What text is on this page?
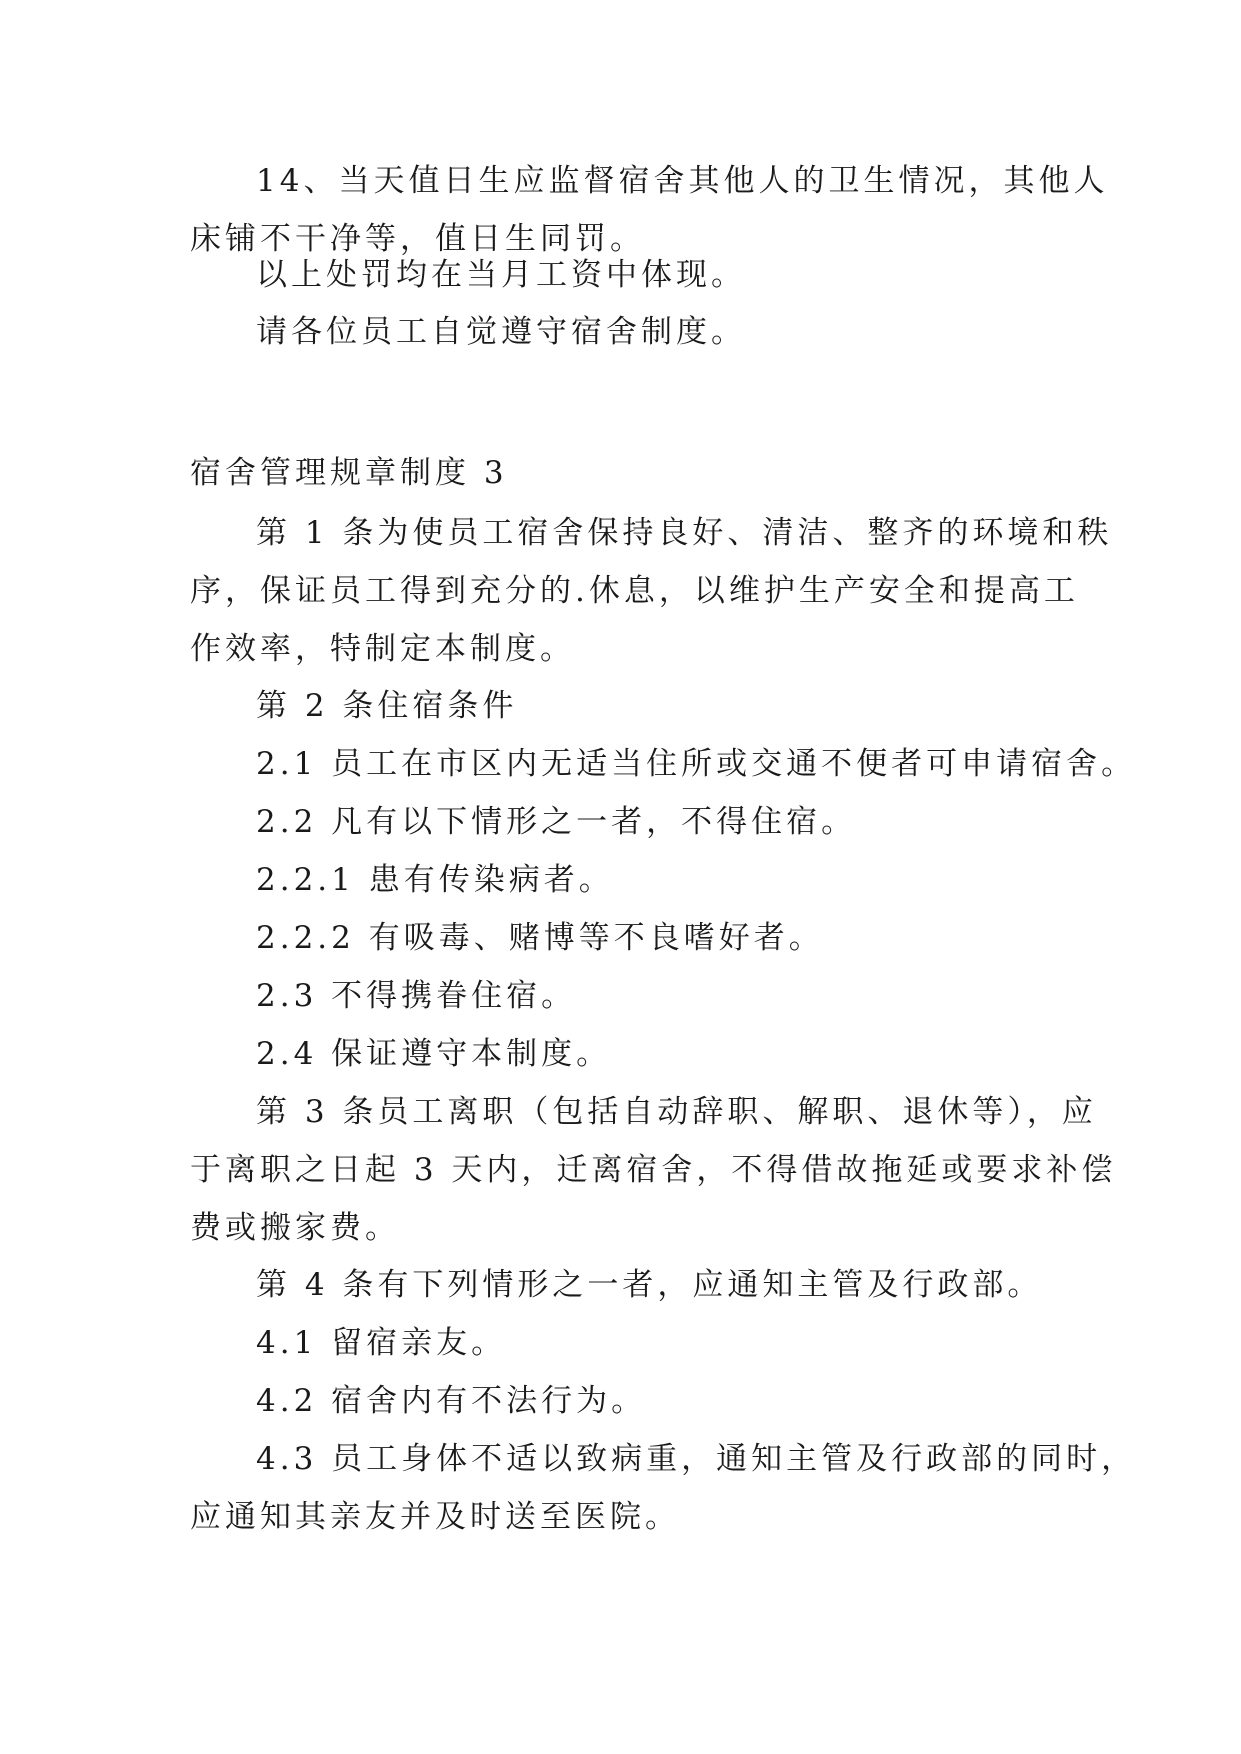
14、当天值日生应监督宿舍其他人的卫生情况，其他人
床铺不干净等，值日生同罚。

以上处罚均在当月工资中体现。

请各位员工自觉遵守宿舍制度。

宿舍管理规章制度 3

第 1 条为使员工宿舍保持良好、清洁、整齐的环境和秩
序，保证员工得到充分的.休息，以维护生产安全和提高工
作效率，特制定本制度。

第 2 条住宿条件

2.1 员工在市区内无适当住所或交通不便者可申请宿舍。

2.2 凡有以下情形之一者，不得住宿。

2.2.1 患有传染病者。

2.2.2 有吸毒、赌博等不良嗜好者。

2.3 不得携眷住宿。

2.4 保证遵守本制度。

第 3 条员工离职（包括自动辞职、解职、退休等），应
于离职之日起 3 天内，迁离宿舍，不得借故拖延或要求补偿
费或搬家费。

第 4 条有下列情形之一者，应通知主管及行政部。

4.1 留宿亲友。

4.2 宿舍内有不法行为。

4.3 员工身体不适以致病重，通知主管及行政部的同时，
应通知其亲友并及时送至医院。
